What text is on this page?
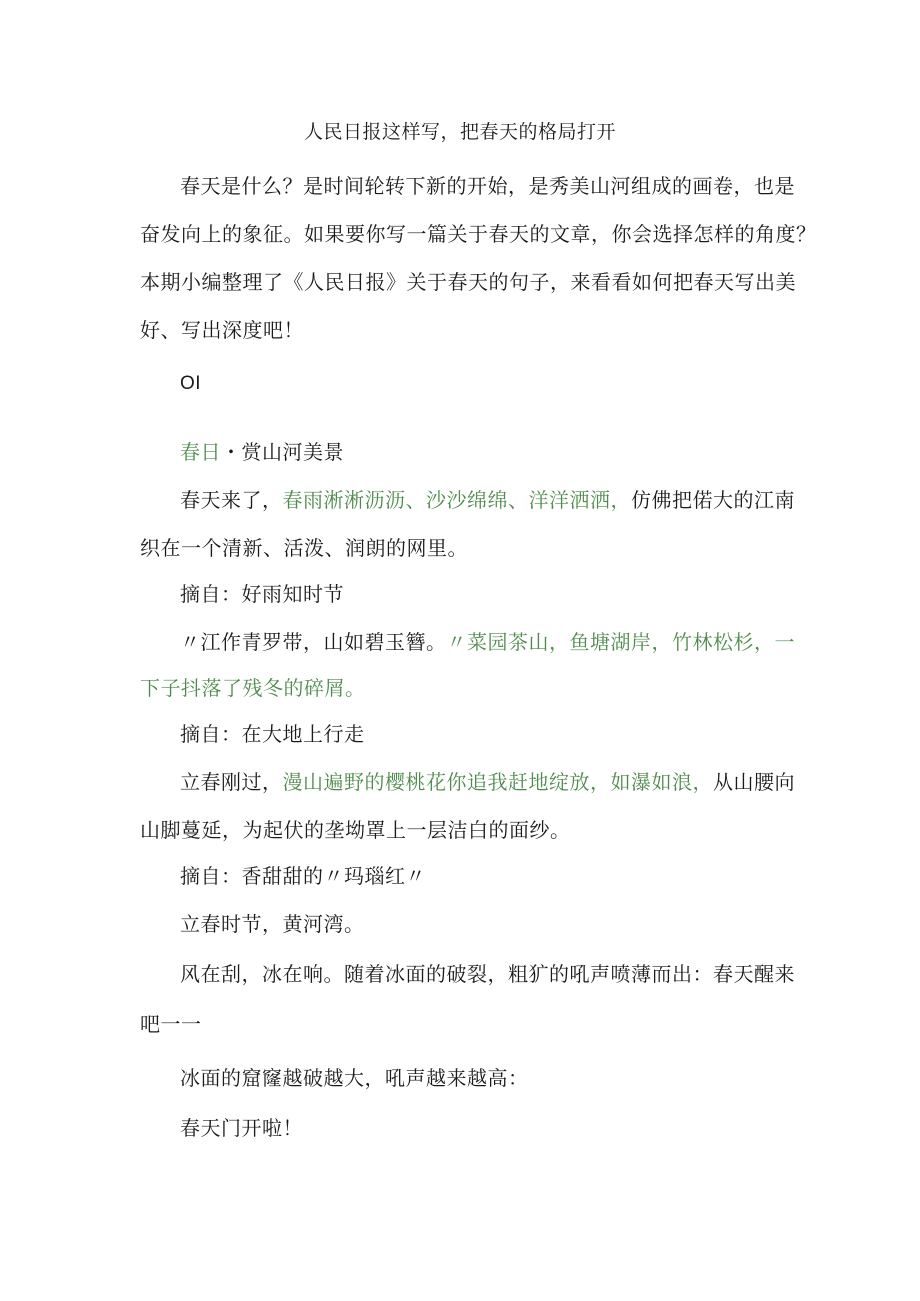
人民日报这样写，把春天的格局打开
春天是什么？是时间轮转下新的开始，是秀美山河组成的画卷，也是
奋发向上的象征。如果要你写一篇关于春天的文章，你会选择怎样的角度？
本期小编整理了《人民日报》关于春天的句子，来看看如何把春天写出美
好、写出深度吧！
OI
春日・赏山河美景
春天来了，春雨淅淅沥沥、沙沙绵绵、洋洋洒洒，仿佛把偌大的江南
织在一个清新、活泼、润朗的网里。
摘自：好雨知时节
〃江作青罗带，山如碧玉簪。〃菜园茶山，鱼塘湖岸，竹林松杉，一
下子抖落了残冬的碎屑。
摘自：在大地上行走
立春刚过，漫山遍野的樱桃花你追我赶地绽放，如瀑如浪，从山腰向
山脚蔓延，为起伏的垄坳罩上一层洁白的面纱。
摘自：香甜甜的〃玛瑙红〃
立春时节，黄河湾。
风在刮，冰在响。随着冰面的破裂，粗犷的吼声喷薄而出：春天醒来
吧一一
冰面的窟窿越破越大，吼声越来越高：
春天门开啦！
